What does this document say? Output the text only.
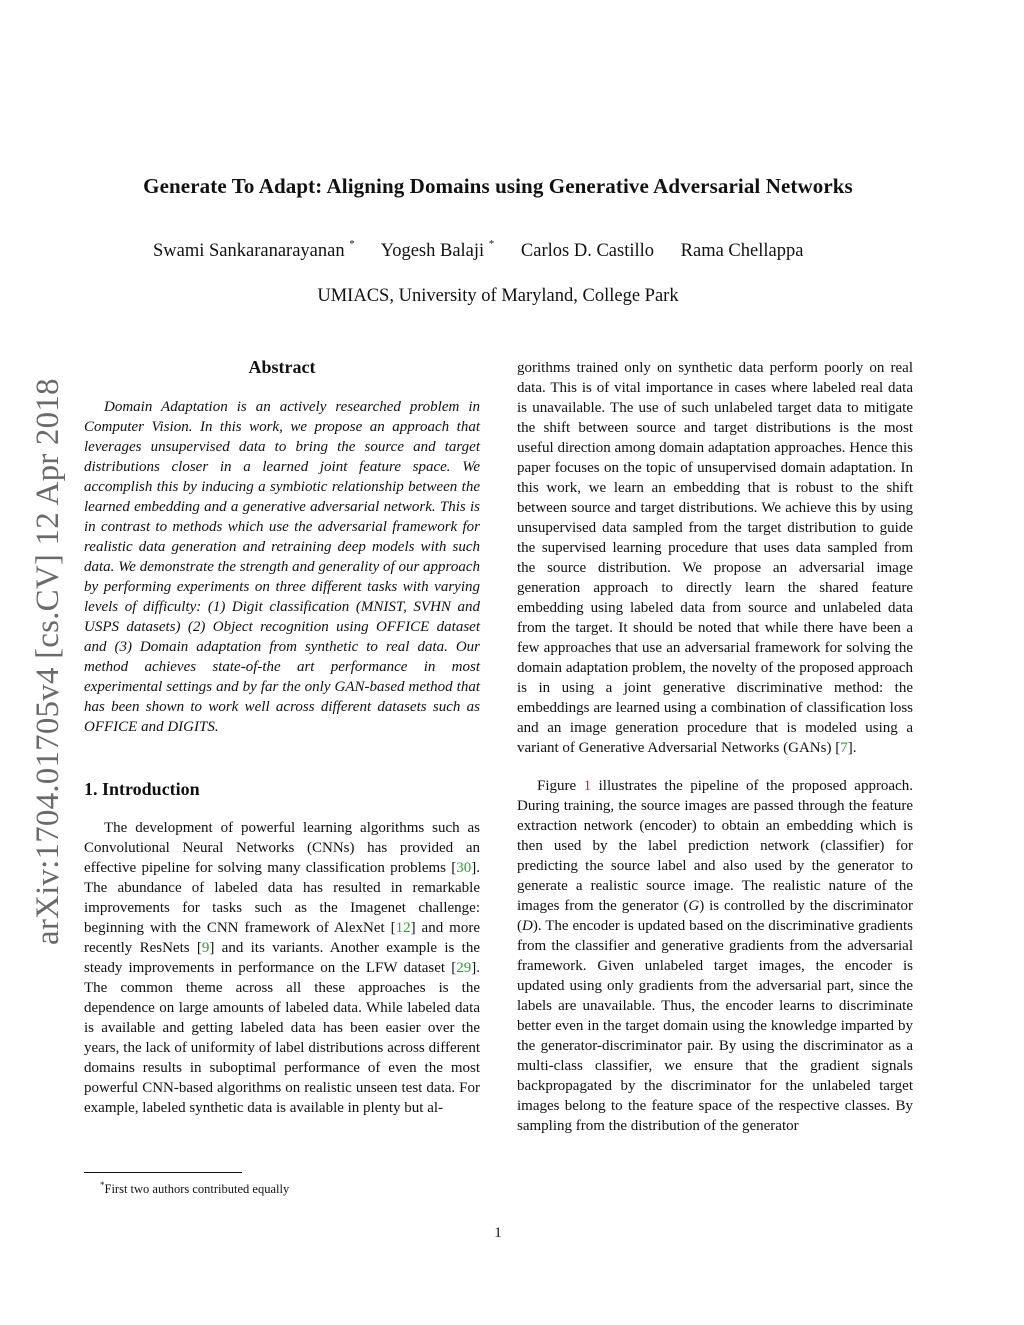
Generate To Adapt: Aligning Domains using Generative Adversarial Networks
Swami Sankaranarayanan * Yogesh Balaji * Carlos D. Castillo Rama Chellappa
UMIACS, University of Maryland, College Park
arXiv:1704.01705v4 [cs.CV] 12 Apr 2018
Abstract

Domain Adaptation is an actively researched problem in Computer Vision. In this work, we propose an approach that leverages unsupervised data to bring the source and target distributions closer in a learned joint feature space. We accomplish this by inducing a symbiotic relationship between the learned embedding and a generative adversarial network. This is in contrast to methods which use the adversarial framework for realistic data generation and retraining deep models with such data. We demonstrate the strength and generality of our approach by performing experiments on three different tasks with varying levels of difficulty: (1) Digit classification (MNIST, SVHN and USPS datasets) (2) Object recognition using OFFICE dataset and (3) Domain adaptation from synthetic to real data. Our method achieves state-of-the art performance in most experimental settings and by far the only GAN-based method that has been shown to work well across different datasets such as OFFICE and DIGITS.

1. Introduction

The development of powerful learning algorithms such as Convolutional Neural Networks (CNNs) has provided an effective pipeline for solving many classification problems [30]. The abundance of labeled data has resulted in remarkable improvements for tasks such as the Imagenet challenge: beginning with the CNN framework of AlexNet [12] and more recently ResNets [9] and its variants. Another example is the steady improvements in performance on the LFW dataset [29]. The common theme across all these approaches is the dependence on large amounts of labeled data. While labeled data is available and getting labeled data has been easier over the years, the lack of uniformity of label distributions across different domains results in suboptimal performance of even the most powerful CNN-based algorithms on realistic unseen test data. For example, labeled synthetic data is available in plenty but al-

gorithms trained only on synthetic data perform poorly on real data. This is of vital importance in cases where labeled real data is unavailable. The use of such unlabeled target data to mitigate the shift between source and target distributions is the most useful direction among domain adaptation approaches. Hence this paper focuses on the topic of unsupervised domain adaptation. In this work, we learn an embedding that is robust to the shift between source and target distributions. We achieve this by using unsupervised data sampled from the target distribution to guide the supervised learning procedure that uses data sampled from the source distribution. We propose an adversarial image generation approach to directly learn the shared feature embedding using labeled data from source and unlabeled data from the target. It should be noted that while there have been a few approaches that use an adversarial framework for solving the domain adaptation problem, the novelty of the proposed approach is in using a joint generative discriminative method: the embeddings are learned using a combination of classification loss and an image generation procedure that is modeled using a variant of Generative Adversarial Networks (GANs) [7].

Figure 1 illustrates the pipeline of the proposed approach. During training, the source images are passed through the feature extraction network (encoder) to obtain an embedding which is then used by the label prediction network (classifier) for predicting the source label and also used by the generator to generate a realistic source image. The realistic nature of the images from the generator (G) is controlled by the discriminator (D). The encoder is updated based on the discriminative gradients from the classifier and generative gradients from the adversarial framework. Given unlabeled target images, the encoder is updated using only gradients from the adversarial part, since the labels are unavailable. Thus, the encoder learns to discriminate better even in the target domain using the knowledge imparted by the generator-discriminator pair. By using the discriminator as a multi-class classifier, we ensure that the gradient signals backpropagated by the discriminator for the unlabeled target images belong to the feature space of the respective classes. By sampling from the distribution of the generator

*First two authors contributed equally
1
